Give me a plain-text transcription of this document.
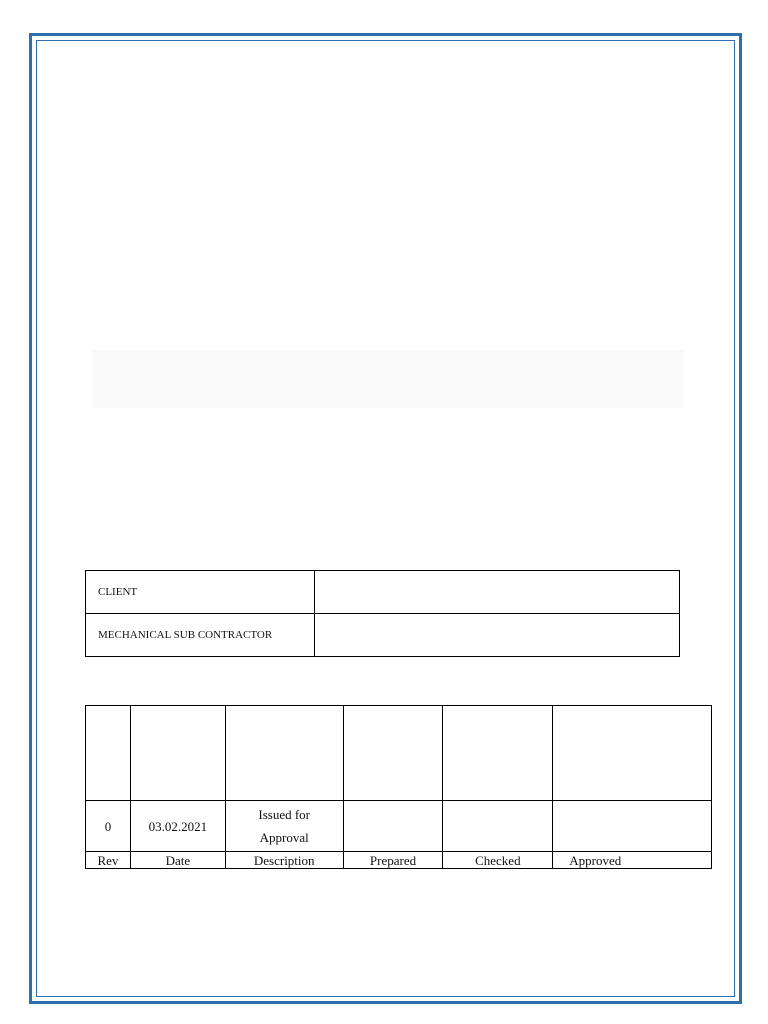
CLIENT	
MECHANICAL SUB CONTRACTOR	

0	03.02.2021	Issued for
Approval			

Rev	Date	Description	Prepared	Checked	Approved
